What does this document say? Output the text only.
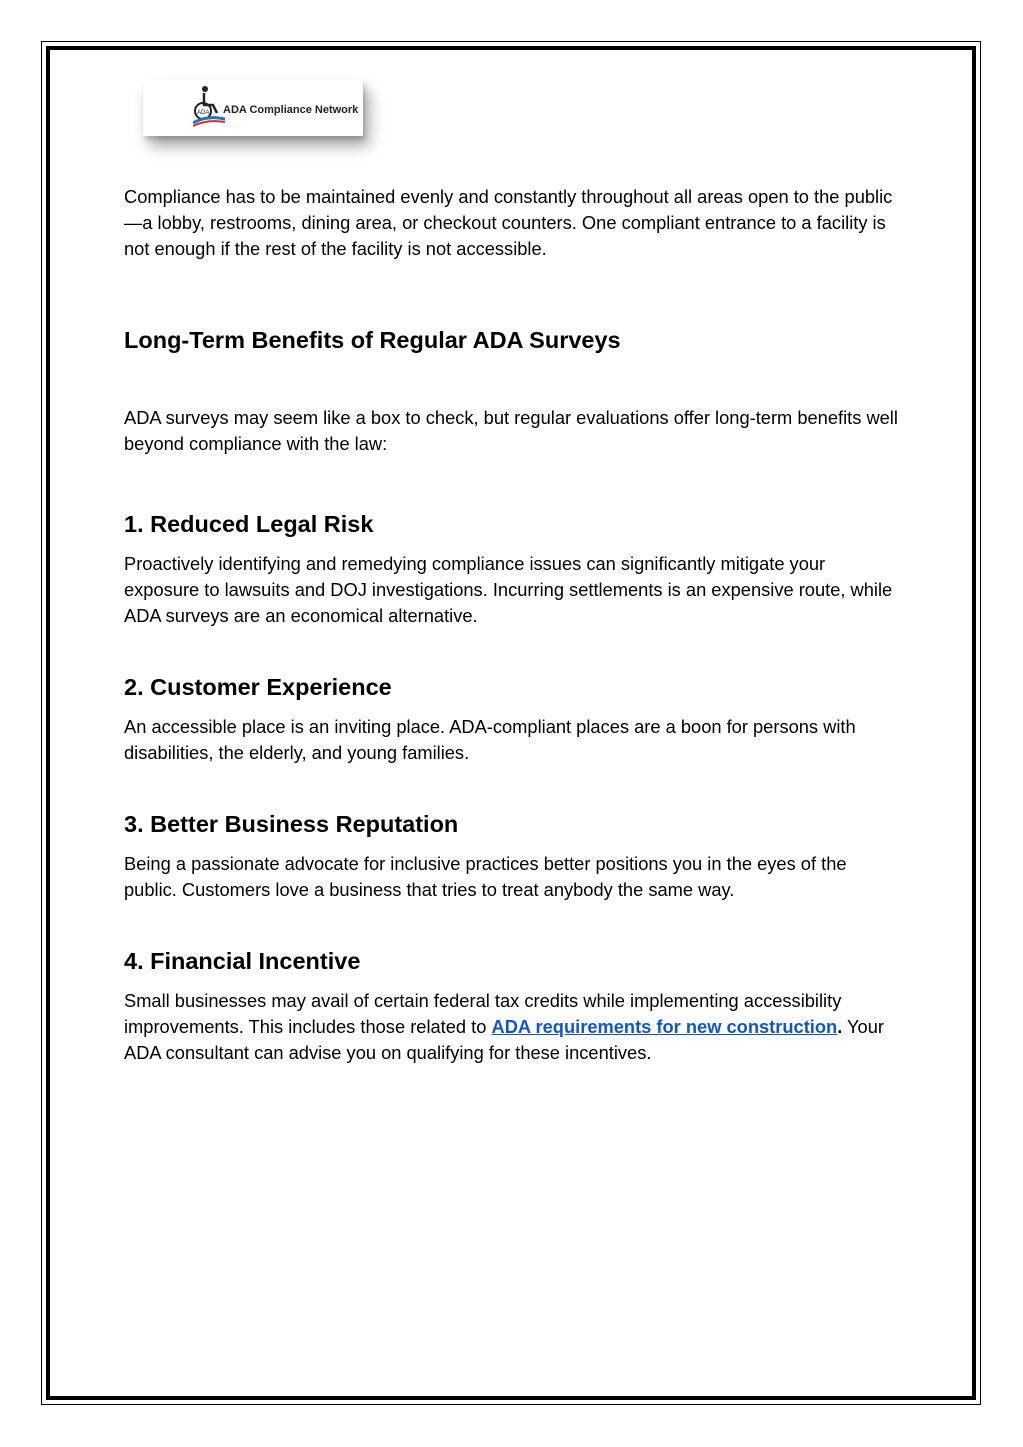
ADA ADA Compliance Network

Compliance has to be maintained evenly and constantly throughout all areas open to the public—a lobby, restrooms, dining area, or checkout counters. One compliant entrance to a facility is not enough if the rest of the facility is not accessible.

Long-Term Benefits of Regular ADA Surveys

ADA surveys may seem like a box to check, but regular evaluations offer long-term benefits well beyond compliance with the law:

1. Reduced Legal Risk

Proactively identifying and remedying compliance issues can significantly mitigate your exposure to lawsuits and DOJ investigations. Incurring settlements is an expensive route, while ADA surveys are an economical alternative.

2. Customer Experience

An accessible place is an inviting place. ADA-compliant places are a boon for persons with disabilities, the elderly, and young families.

3. Better Business Reputation

Being a passionate advocate for inclusive practices better positions you in the eyes of the public. Customers love a business that tries to treat anybody the same way.

4. Financial Incentive

Small businesses may avail of certain federal tax credits while implementing accessibility improvements. This includes those related to ADA requirements for new construction. Your ADA consultant can advise you on qualifying for these incentives.
